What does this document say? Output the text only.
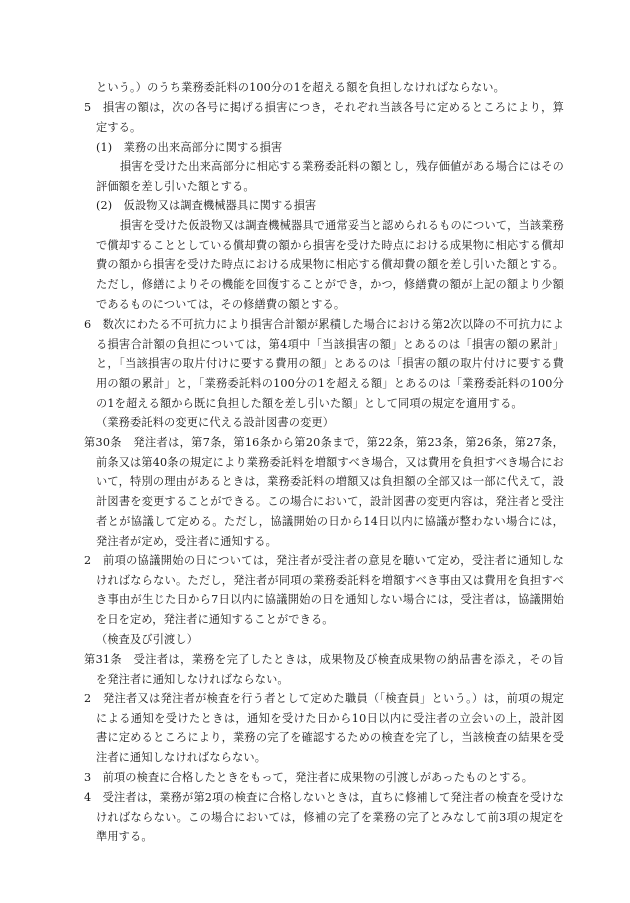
という。）のうち業務委託料の100分の1を超える額を負担しなければならない。

5　損害の額は，次の各号に掲げる損害につき，それぞれ当該各号に定めるところにより，算定する。

(1)　業務の出来高部分に関する損害

損害を受けた出来高部分に相応する業務委託料の額とし，残存価値がある場合にはその評価額を差し引いた額とする。

(2)　仮設物又は調査機械器具に関する損害

損害を受けた仮設物又は調査機械器具で通常妥当と認められるものについて，当該業務で償却することとしている償却費の額から損害を受けた時点における成果物に相応する償却費の額から損害を受けた時点における成果物に相応する償却費の額を差し引いた額とする。ただし，修繕によりその機能を回復することができ，かつ，修繕費の額が上記の額より少額であるものについては，その修繕費の額とする。

6　数次にわたる不可抗力により損害合計額が累積した場合における第2次以降の不可抗力による損害合計額の負担については，第4項中「当該損害の額」とあるのは「損害の額の累計」と，「当該損害の取片付けに要する費用の額」とあるのは「損害の額の取片付けに要する費用の額の累計」と，「業務委託料の100分の1を超える額」とあるのは「業務委託料の100分の1を超える額から既に負担した額を差し引いた額」として同項の規定を適用する。

（業務委託料の変更に代える設計図書の変更）

第30条　発注者は，第7条，第16条から第20条まで，第22条，第23条，第26条，第27条，前条又は第40条の規定により業務委託料を増額すべき場合，又は費用を負担すべき場合において，特別の理由があるときは，業務委託料の増額又は負担額の全部又は一部に代えて，設計図書を変更することができる。この場合において，設計図書の変更内容は，発注者と受注者とが協議して定める。ただし，協議開始の日から14日以内に協議が整わない場合には，発注者が定め，受注者に通知する。

2　前項の協議開始の日については，発注者が受注者の意見を聴いて定め，受注者に通知しなければならない。ただし，発注者が同項の業務委託料を増額すべき事由又は費用を負担すべき事由が生じた日から7日以内に協議開始の日を通知しない場合には，受注者は，協議開始を日を定め，発注者に通知することができる。

（検査及び引渡し）

第31条　受注者は，業務を完了したときは，成果物及び検査成果物の納品書を添え，その旨を発注者に通知しなければならない。

2　発注者又は発注者が検査を行う者として定めた職員（「検査員」という。）は，前項の規定による通知を受けたときは，通知を受けた日から10日以内に受注者の立会いの上，設計図書に定めるところにより，業務の完了を確認するための検査を完了し，当該検査の結果を受注者に通知しなければならない。

3　前項の検査に合格したときをもって，発注者に成果物の引渡しがあったものとする。

4　受注者は，業務が第2項の検査に合格しないときは，直ちに修補して発注者の検査を受けなければならない。この場合においては，修補の完了を業務の完了とみなして前3項の規定を準用する。
